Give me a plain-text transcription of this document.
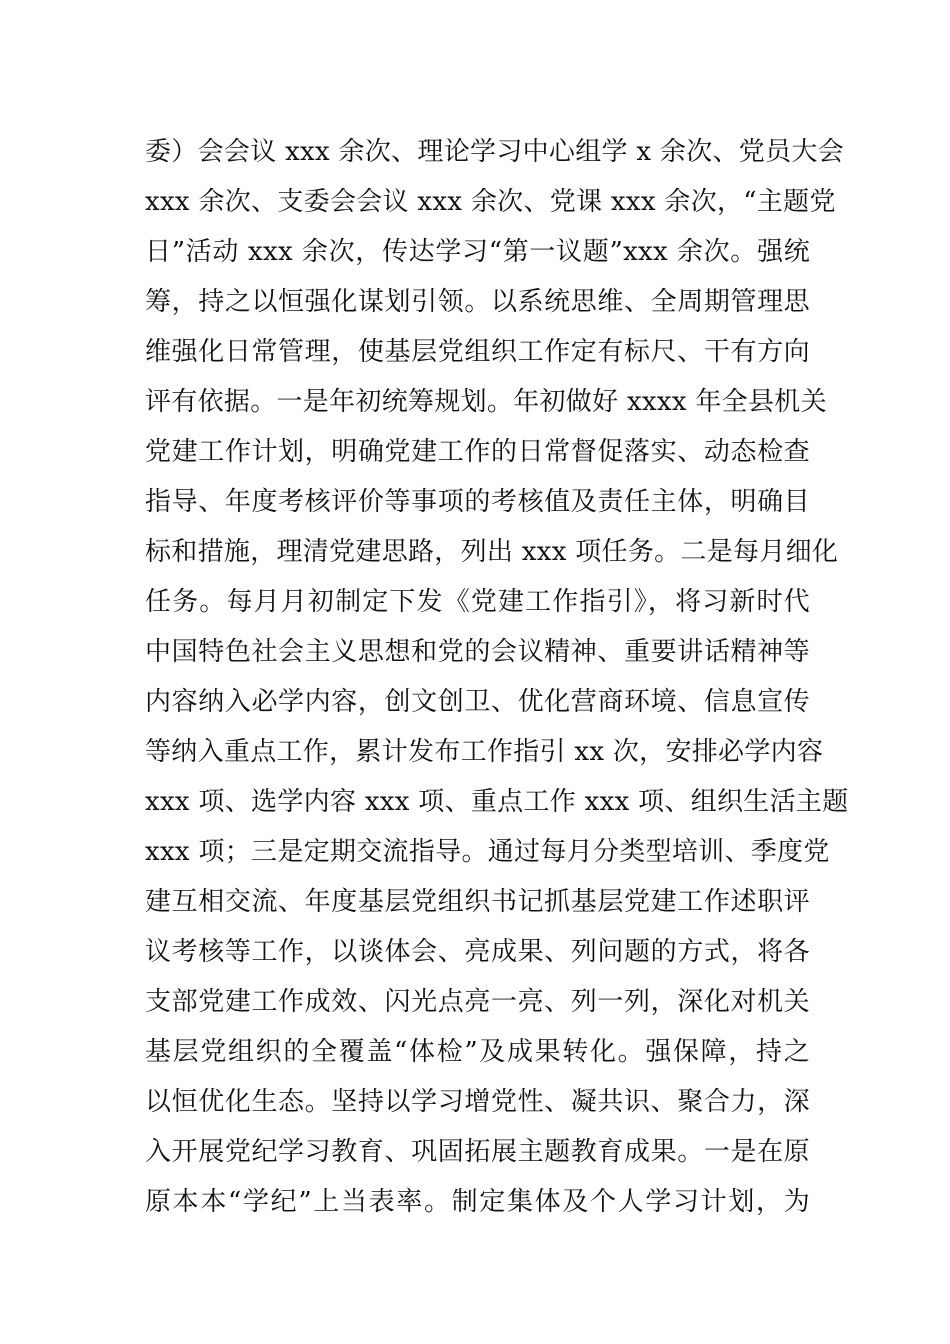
委）会会议 xxx 余次、理论学习中心组学 x 余次、党员大会
xxx 余次、支委会会议 xxx 余次、党课 xxx 余次，“主题党
日”活动 xxx 余次，传达学习“第一议题”xxx 余次。强统
筹，持之以恒强化谋划引领。以系统思维、全周期管理思
维强化日常管理，使基层党组织工作定有标尺、干有方向
评有依据。一是年初统筹规划。年初做好 xxxx 年全县机关
党建工作计划，明确党建工作的日常督促落实、动态检查
指导、年度考核评价等事项的考核值及责任主体，明确目
标和措施，理清党建思路，列出 xxx 项任务。二是每月细化
任务。每月月初制定下发《党建工作指引》，将习新时代
中国特色社会主义思想和党的会议精神、重要讲话精神等
内容纳入必学内容，创文创卫、优化营商环境、信息宣传
等纳入重点工作，累计发布工作指引 xx 次，安排必学内容
xxx 项、选学内容 xxx 项、重点工作 xxx 项、组织生活主题
xxx 项；三是定期交流指导。通过每月分类型培训、季度党
建互相交流、年度基层党组织书记抓基层党建工作述职评
议考核等工作，以谈体会、亮成果、列问题的方式，将各
支部党建工作成效、闪光点亮一亮、列一列，深化对机关
基层党组织的全覆盖“体检”及成果转化。强保障，持之
以恒优化生态。坚持以学习增党性、凝共识、聚合力，深
入开展党纪学习教育、巩固拓展主题教育成果。一是在原
原本本“学纪”上当表率。制定集体及个人学习计划，为
